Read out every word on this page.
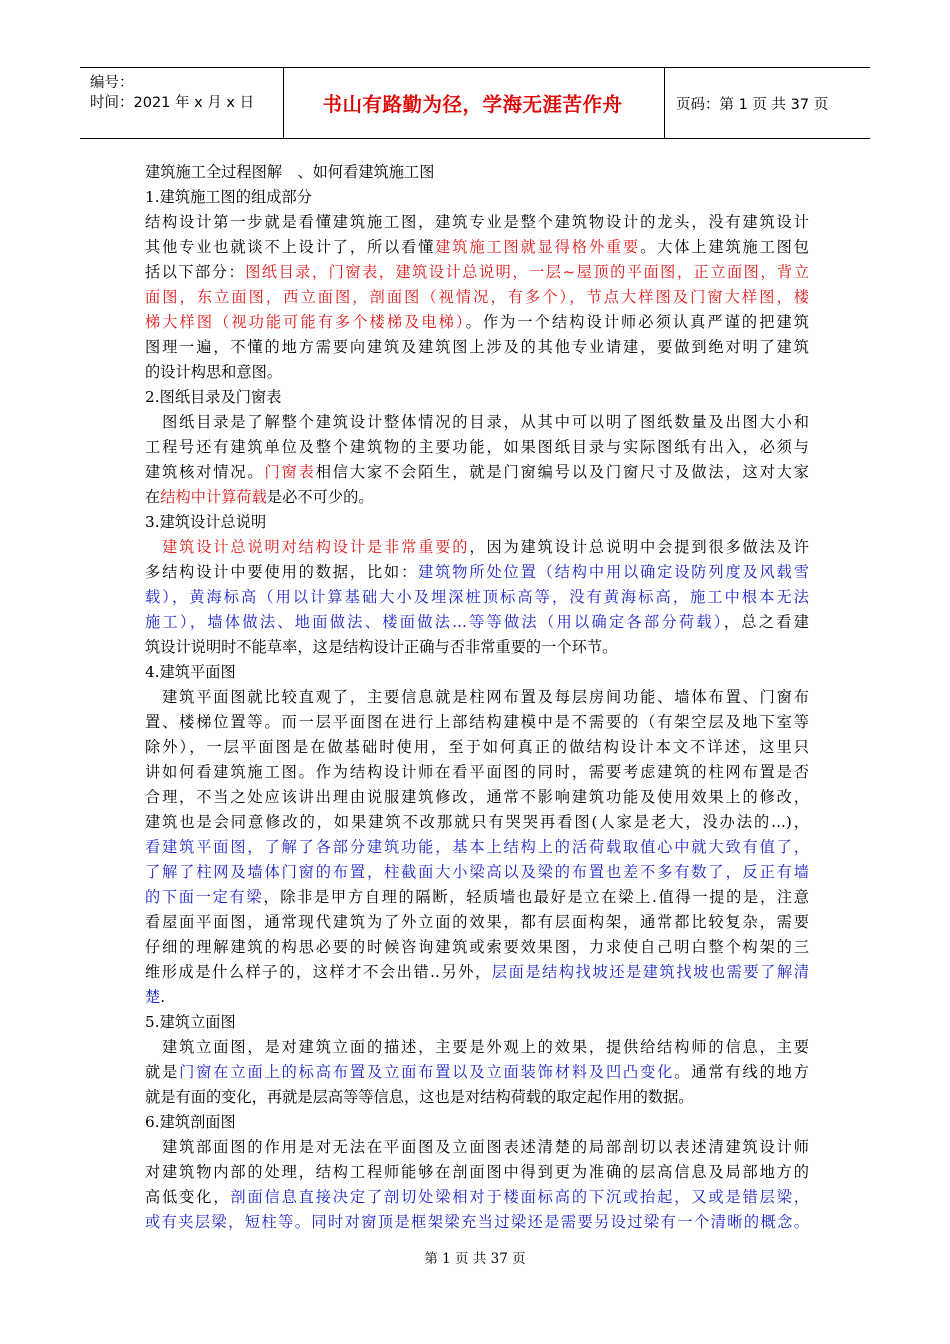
编号：
时间：2021 年 x 月 x 日	书山有路勤为径，学海无涯苦作舟	页码：第 1 页 共 37 页
建筑施工全过程图解　、如何看建筑施工图
1.建筑施工图的组成部分
结构设计第一步就是看懂建筑施工图，建筑专业是整个建筑物设计的龙头，没有建筑设计
其他专业也就谈不上设计了，所以看懂建筑施工图就显得格外重要。大体上建筑施工图包
括以下部分：图纸目录，门窗表，建筑设计总说明，一层~屋顶的平面图，正立面图，背立
面图，东立面图，西立面图，剖面图（视情况，有多个），节点大样图及门窗大样图，楼
梯大样图（视功能可能有多个楼梯及电梯）。作为一个结构设计师必须认真严谨的把建筑
图理一遍，不懂的地方需要向建筑及建筑图上涉及的其他专业请建，要做到绝对明了建筑
的设计构思和意图。
2.图纸目录及门窗表
　图纸目录是了解整个建筑设计整体情况的目录，从其中可以明了图纸数量及出图大小和
工程号还有建筑单位及整个建筑物的主要功能，如果图纸目录与实际图纸有出入，必须与
建筑核对情况。门窗表相信大家不会陌生，就是门窗编号以及门窗尺寸及做法，这对大家
在结构中计算荷载是必不可少的。
3.建筑设计总说明
　建筑设计总说明对结构设计是非常重要的，因为建筑设计总说明中会提到很多做法及许
多结构设计中要使用的数据，比如：建筑物所处位置（结构中用以确定设防列度及风载雪
载），黄海标高（用以计算基础大小及埋深桩顶标高等，没有黄海标高，施工中根本无法
施工），墙体做法、地面做法、楼面做法...等等做法（用以确定各部分荷载），总之看建
筑设计说明时不能草率，这是结构设计正确与否非常重要的一个环节。
4.建筑平面图
　建筑平面图就比较直观了，主要信息就是柱网布置及每层房间功能、墙体布置、门窗布
置、楼梯位置等。而一层平面图在进行上部结构建模中是不需要的（有架空层及地下室等
除外），一层平面图是在做基础时使用，至于如何真正的做结构设计本文不详述，这里只
讲如何看建筑施工图。作为结构设计师在看平面图的同时，需要考虑建筑的柱网布置是否
合理，不当之处应该讲出理由说服建筑修改，通常不影响建筑功能及使用效果上的修改，
建筑也是会同意修改的，如果建筑不改那就只有哭哭再看图(人家是老大，没办法的...)，
看建筑平面图，了解了各部分建筑功能，基本上结构上的活荷载取值心中就大致有值了，
了解了柱网及墙体门窗的布置，柱截面大小梁高以及梁的布置也差不多有数了，反正有墙
的下面一定有梁，除非是甲方自理的隔断，轻质墙也最好是立在梁上.值得一提的是，注意
看屋面平面图，通常现代建筑为了外立面的效果，都有层面构架，通常都比较复杂，需要
仔细的理解建筑的构思必要的时候咨询建筑或索要效果图，力求使自己明白整个构架的三
维形成是什么样子的，这样才不会出错..另外，层面是结构找坡还是建筑找坡也需要了解清
楚.
5.建筑立面图
　建筑立面图，是对建筑立面的描述，主要是外观上的效果，提供给结构师的信息，主要
就是门窗在立面上的标高布置及立面布置以及立面装饰材料及凹凸变化。通常有线的地方
就是有面的变化，再就是层高等等信息，这也是对结构荷载的取定起作用的数据。
6.建筑剖面图
　建筑部面图的作用是对无法在平面图及立面图表述清楚的局部剖切以表述清建筑设计师
对建筑物内部的处理，结构工程师能够在剖面图中得到更为准确的层高信息及局部地方的
高低变化，剖面信息直接决定了剖切处梁相对于楼面标高的下沉或抬起，又或是错层梁，
或有夹层梁，短柱等。同时对窗顶是框架梁充当过梁还是需要另设过梁有一个清晰的概念。
第 1 页 共 37 页
